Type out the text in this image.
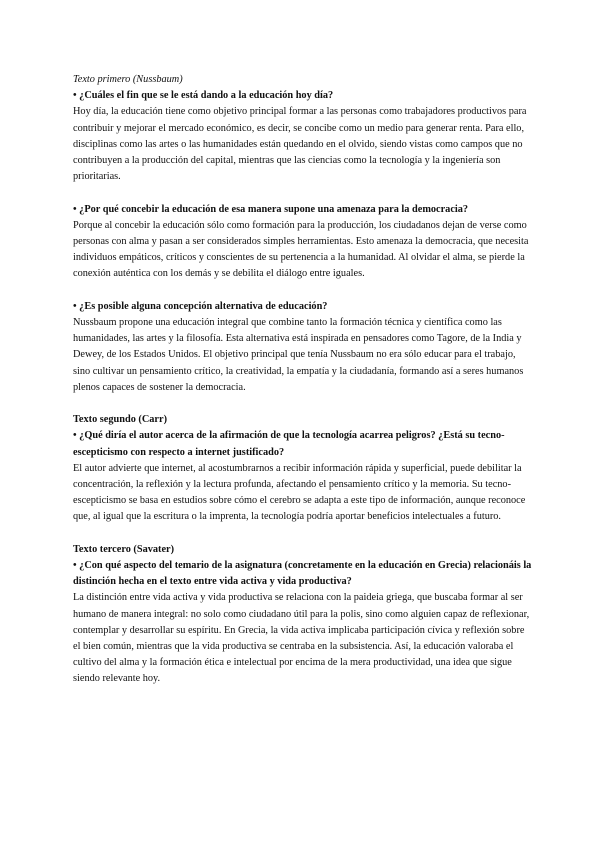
Texto primero (Nussbaum)

• ¿Cuáles el fin que se le está dando a la educación hoy día?

Hoy día, la educación tiene como objetivo principal formar a las personas como trabajadores productivos para contribuir y mejorar el mercado económico, es decir, se concibe como un medio para generar renta. Para ello, disciplinas como las artes o las humanidades están quedando en el olvido, siendo vistas como campos que no contribuyen a la producción del capital, mientras que las ciencias como la tecnología y la ingeniería son prioritarias.

• ¿Por qué concebir la educación de esa manera supone una amenaza para la democracia?

Porque al concebir la educación sólo como formación para la producción, los ciudadanos dejan de verse como personas con alma y pasan a ser considerados simples herramientas. Esto amenaza la democracia, que necesita individuos empáticos, críticos y conscientes de su pertenencia a la humanidad. Al olvidar el alma, se pierde la conexión auténtica con los demás y se debilita el diálogo entre iguales.

• ¿Es posible alguna concepción alternativa de educación?

Nussbaum propone una educación integral que combine tanto la formación técnica y científica como las humanidades, las artes y la filosofía. Esta alternativa está inspirada en pensadores como Tagore, de la India y Dewey, de los Estados Unidos. El objetivo principal que tenía Nussbaum no era sólo educar para el trabajo, sino cultivar un pensamiento crítico, la creatividad, la empatía y la ciudadanía, formando así a seres humanos plenos capaces de sostener la democracia.

Texto segundo (Carr)

• ¿Qué diría el autor acerca de la afirmación de que la tecnología acarrea peligros? ¿Está su tecno-escepticismo con respecto a internet justificado?

El autor advierte que internet, al acostumbrarnos a recibir información rápida y superficial, puede debilitar la concentración, la reflexión y la lectura profunda, afectando el pensamiento crítico y la memoria. Su tecno-escepticismo se basa en estudios sobre cómo el cerebro se adapta a este tipo de información, aunque reconoce que, al igual que la escritura o la imprenta, la tecnología podría aportar beneficios intelectuales a futuro.

Texto tercero (Savater)

• ¿Con qué aspecto del temario de la asignatura (concretamente en la educación en Grecia) relacionáis la distinción hecha en el texto entre vida activa y vida productiva?

La distinción entre vida activa y vida productiva se relaciona con la paideia griega, que buscaba formar al ser humano de manera integral: no solo como ciudadano útil para la polis, sino como alguien capaz de reflexionar, contemplar y desarrollar su espíritu. En Grecia, la vida activa implicaba participación cívica y reflexión sobre el bien común, mientras que la vida productiva se centraba en la subsistencia. Así, la educación valoraba el cultivo del alma y la formación ética e intelectual por encima de la mera productividad, una idea que sigue siendo relevante hoy.
